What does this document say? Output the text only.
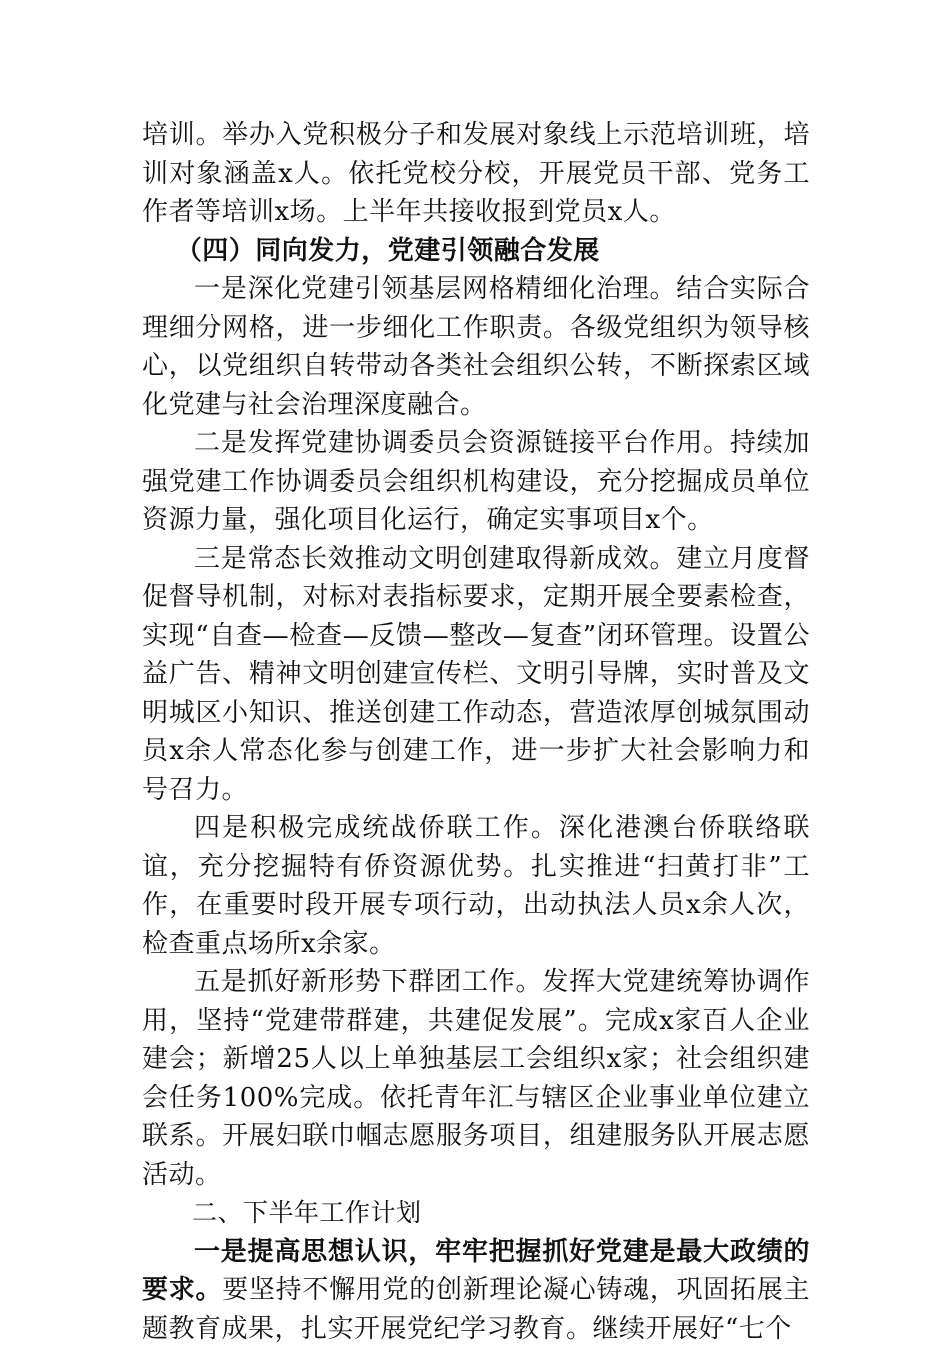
培训。举办入党积极分子和发展对象线上示范培训班，培训对象涵盖x人。依托党校分校，开展党员干部、党务工作者等培训x场。上半年共接收报到党员x人。

（四）同向发力，党建引领融合发展

一是深化党建引领基层网格精细化治理。结合实际合理细分网格，进一步细化工作职责。各级党组织为领导核心，以党组织自转带动各类社会组织公转，不断探索区域化党建与社会治理深度融合。

二是发挥党建协调委员会资源链接平台作用。持续加强党建工作协调委员会组织机构建设，充分挖掘成员单位资源力量，强化项目化运行，确定实事项目x个。

三是常态长效推动文明创建取得新成效。建立月度督促督导机制，对标对表指标要求，定期开展全要素检查，实现“自查—检查—反馈—整改—复查”闭环管理。设置公益广告、精神文明创建宣传栏、文明引导牌，实时普及文明城区小知识、推送创建工作动态，营造浓厚创城氛围动员x余人常态化参与创建工作，进一步扩大社会影响力和号召力。

四是积极完成统战侨联工作。深化港澳台侨联络联谊，充分挖掘特有侨资源优势。扎实推进“扫黄打非”工作，在重要时段开展专项行动，出动执法人员x余人次，检查重点场所x余家。

五是抓好新形势下群团工作。发挥大党建统筹协调作用，坚持“党建带群建，共建促发展”。完成x家百人企业建会；新增25人以上单独基层工会组织x家；社会组织建会任务100%完成。依托青年汇与辖区企业事业单位建立联系。开展妇联巾帼志愿服务项目，组建服务队开展志愿活动。

二、下半年工作计划

一是提高思想认识，牢牢把握抓好党建是最大政绩的要求。要坚持不懈用党的创新理论凝心铸魂，巩固拓展主题教育成果，扎实开展党纪学习教育。继续开展好“七个
